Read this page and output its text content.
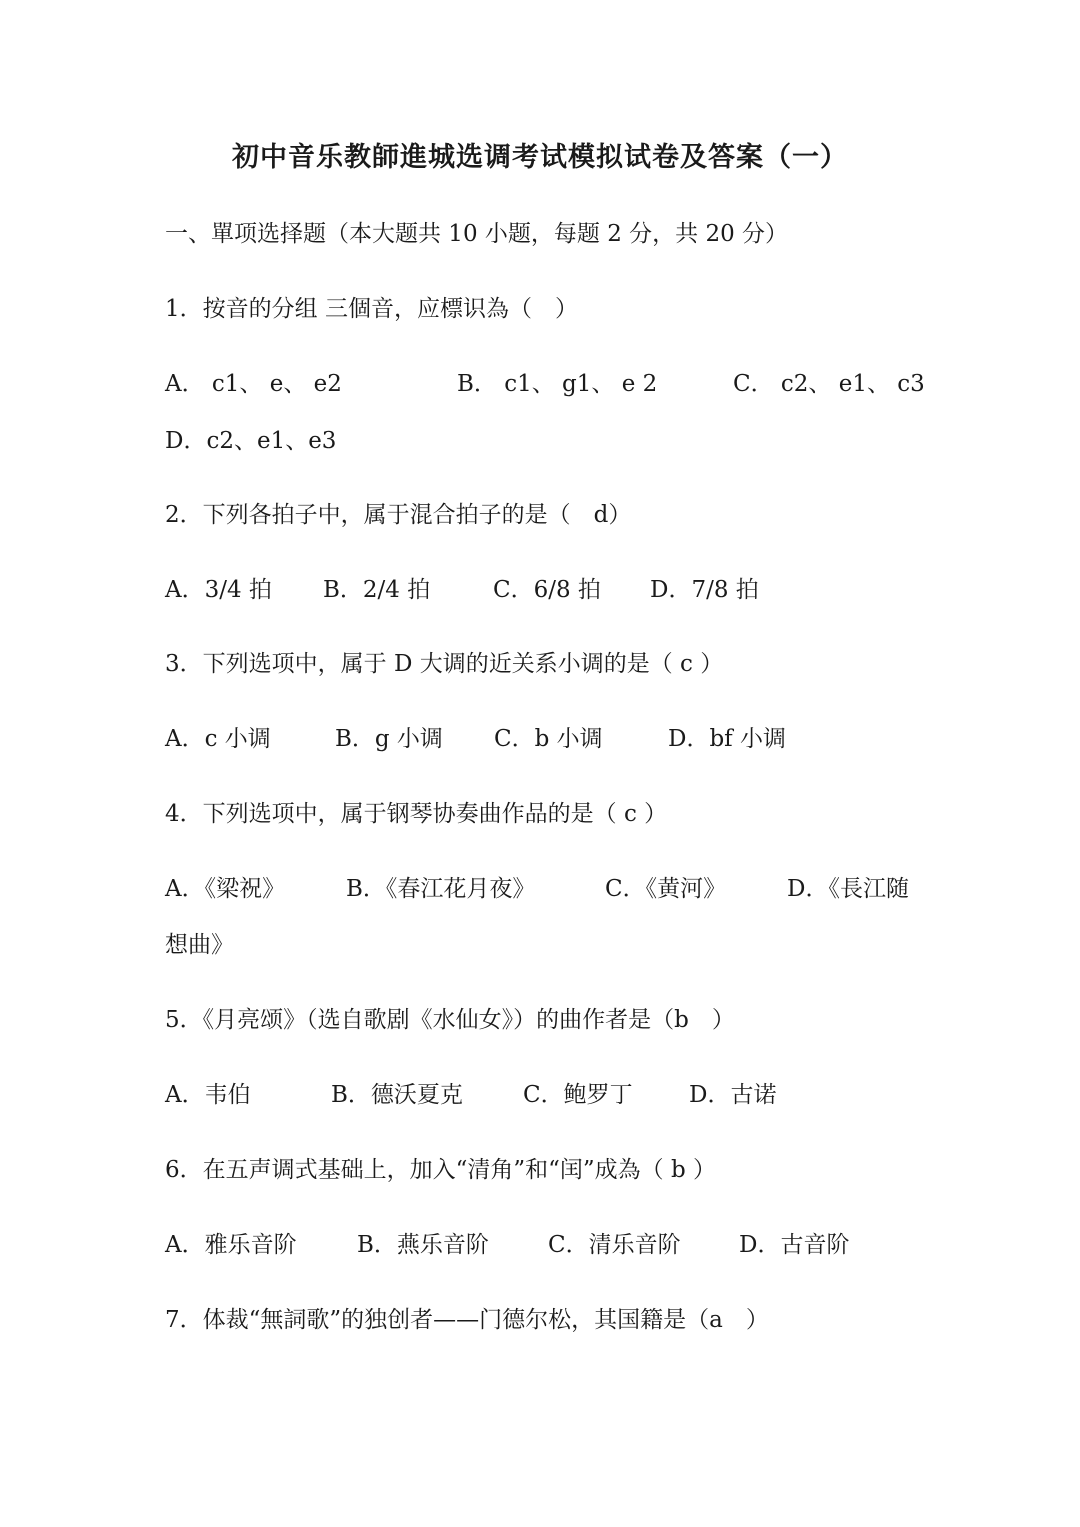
初中音乐教師進城选调考试模拟试卷及答案（一）
一、單项选择题（本大题共 10 小题，每题 2 分，共 20 分）
1．按音的分组 三個音，应標识為（　）
A． c1、 e、 e2	B． c1、 g1、 e 2	C． c2、 e1、 c3
D．c2、e1、e3
2．下列各拍子中，属于混合拍子的是（　d）
A．3/4 拍 B．2/4 拍	C．6/8 拍 D．7/8 拍
3．下列选项中，属于 D 大调的近关系小调的是（ c ）
A．c 小调	B．g 小调 C．b 小调	D．bf 小调
4．下列选项中，属于钢琴协奏曲作品的是（ c ）
A．《梁祝》	B．《春江花月夜》	C．《黄河》	D．《長江随
想曲》
5．《月亮颂》（选自歌剧《水仙女》）的曲作者是（b　）
A．韦伯	B．德沃夏克	C．鲍罗丁 D．古诺
6．在五声调式基础上，加入“清角”和“闰”成為（ b ）
A．雅乐音阶	B．燕乐音阶	C．清乐音阶	D．古音阶
7．体裁“無詞歌”的独创者——门德尔松，其国籍是（a　）
